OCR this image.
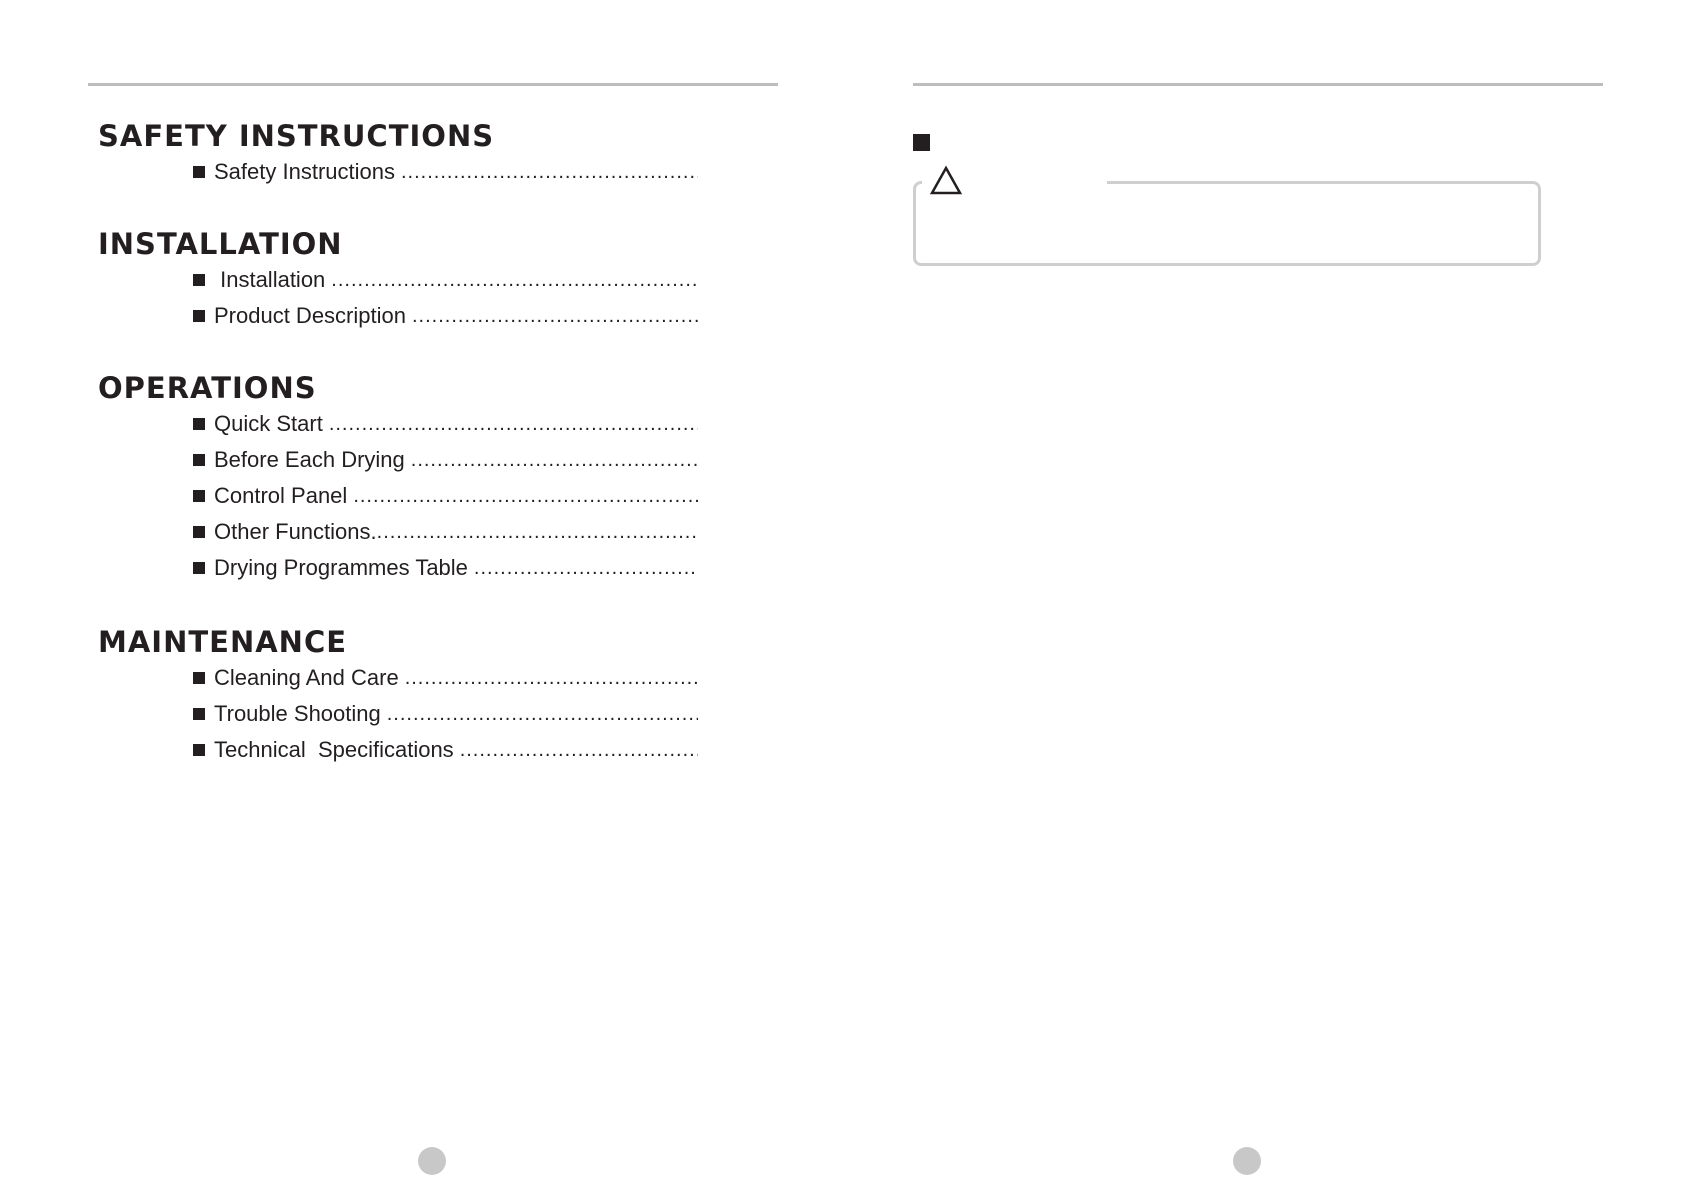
SAFETY INSTRUCTIONS
Safety Instructions
.....
INSTALLATION
Installation
.....
Product Description
.....
OPERATIONS
Quick Start
.....
Before Each Drying
.....
Control Panel
.....
Other Functions.
.....
Drying Programmes Table
.....
MAINTENANCE
Cleaning And Care
.....
Trouble Shooting
.....
Technical  Specifications
.....
